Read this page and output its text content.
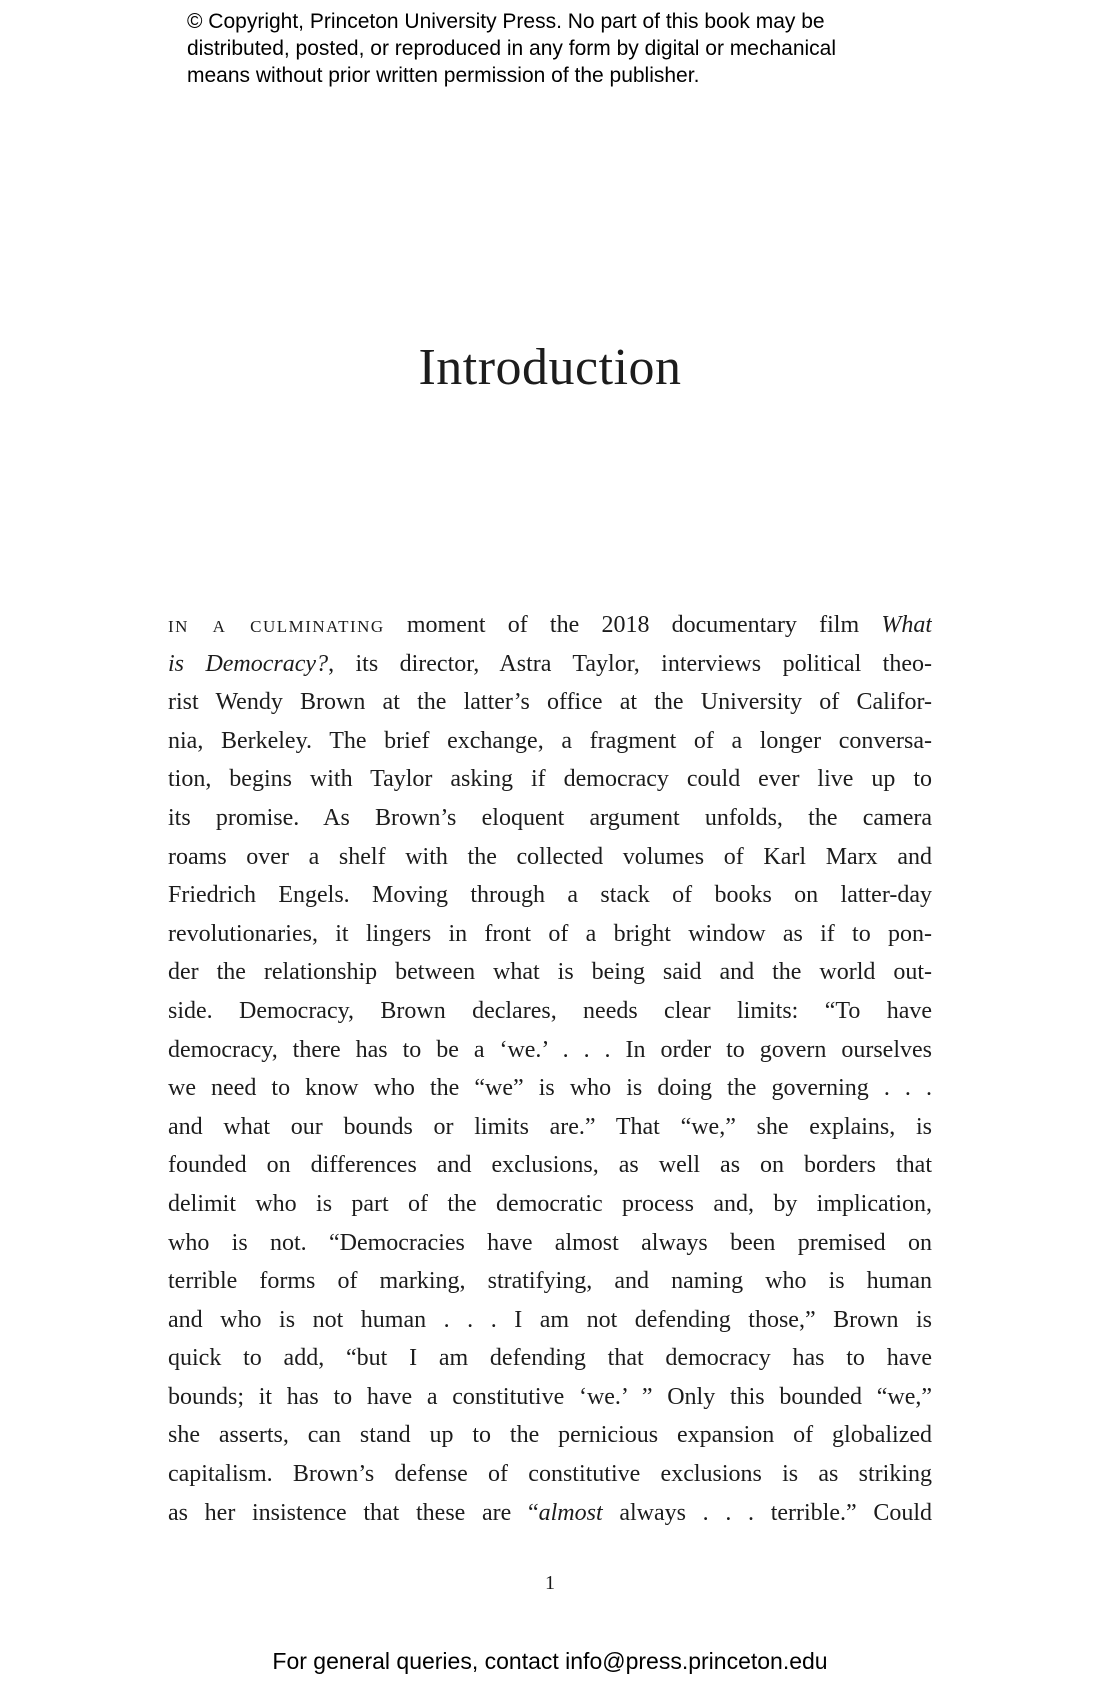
© Copyright, Princeton University Press. No part of this book may be
distributed, posted, or reproduced in any form by digital or mechanical
means without prior written permission of the publisher.
Introduction
in a culminating moment of the 2018 documentary film What
is Democracy?, its director, Astra Taylor, interviews political theo-
rist Wendy Brown at the latter’s office at the University of Califor-
nia, Berkeley. The brief exchange, a fragment of a longer conversa-
tion, begins with Taylor asking if democracy could ever live up to
its promise. As Brown’s eloquent argument unfolds, the camera
roams over a shelf with the collected volumes of Karl Marx and
Friedrich Engels. Moving through a stack of books on latter-day
revolutionaries, it lingers in front of a bright window as if to pon-
der the relationship between what is being said and the world out-
side. Democracy, Brown declares, needs clear limits: “To have
democracy, there has to be a ‘we.’ . . . In order to govern ourselves
we need to know who the “we” is who is doing the governing . . .
and what our bounds or limits are.” That “we,” she explains, is
founded on differences and exclusions, as well as on borders that
delimit who is part of the democratic process and, by implication,
who is not. “Democracies have almost always been premised on
terrible forms of marking, stratifying, and naming who is human
and who is not human . . . I am not defending those,” Brown is
quick to add, “but I am defending that democracy has to have
bounds; it has to have a constitutive ‘we.’ ” Only this bounded “we,”
she asserts, can stand up to the pernicious expansion of globalized
capitalism. Brown’s defense of constitutive exclusions is as striking
as her insistence that these are “almost always . . . terrible.” Could
1
For general queries, contact info@press.princeton.edu
